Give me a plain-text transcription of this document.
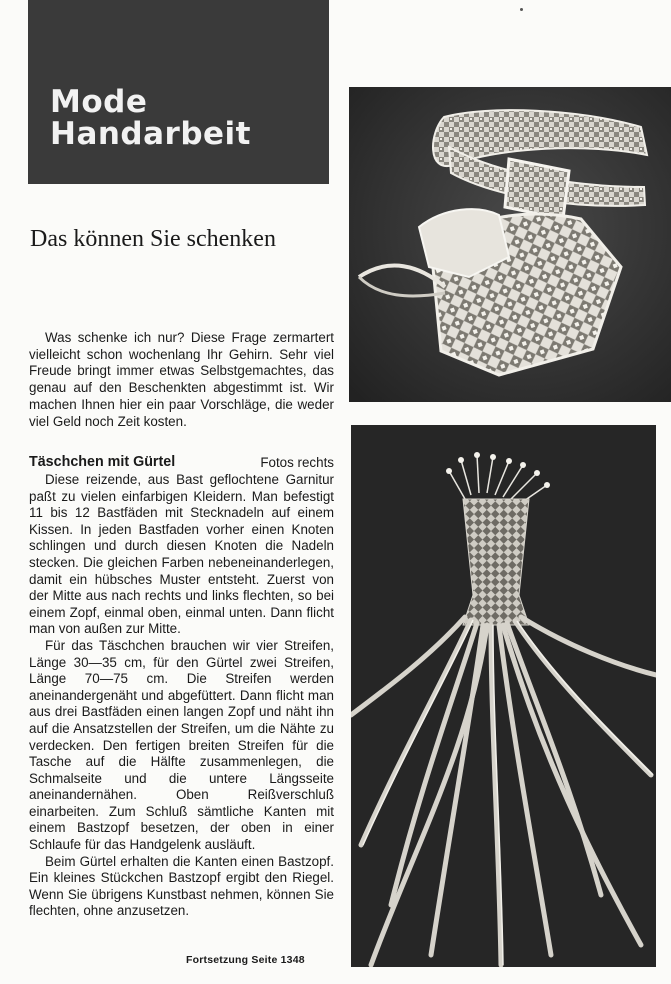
Mode
Handarbeit
Das können Sie schenken

Was schenke ich nur? Diese Frage zermartert vielleicht schon wochenlang Ihr Gehirn. Sehr viel Freude bringt immer etwas Selbstgemachtes, das genau auf den Beschenkten abgestimmt ist. Wir machen Ihnen hier ein paar Vorschläge, die weder viel Geld noch Zeit kosten.

Täschchen mit Gürtel	Fotos rechts

Diese reizende, aus Bast geflochtene Garnitur paßt zu vielen einfarbigen Kleidern. Man befestigt 11 bis 12 Bastfäden mit Stecknadeln auf einem Kissen. In jeden Bastfaden vorher einen Knoten schlingen und durch diesen Knoten die Nadeln stecken. Die gleichen Farben nebeneinanderlegen, damit ein hübsches Muster entsteht. Zuerst von der Mitte aus nach rechts und links flechten, so bei einem Zopf, einmal oben, einmal unten. Dann flicht man von außen zur Mitte.

Für das Täschchen brauchen wir vier Streifen, Länge 30—35 cm, für den Gürtel zwei Streifen, Länge 70—75 cm. Die Streifen werden aneinandergenäht und abgefüttert. Dann flicht man aus drei Bastfäden einen langen Zopf und näht ihn auf die Ansatzstellen der Streifen, um die Nähte zu verdecken. Den fertigen breiten Streifen für die Tasche auf die Hälfte zusammenlegen, die Schmalseite und die untere Längsseite aneinandernähen. Oben Reißverschluß einarbeiten. Zum Schluß sämtliche Kanten mit einem Bastzopf besetzen, der oben in einer Schlaufe für das Handgelenk ausläuft.

Beim Gürtel erhalten die Kanten einen Bastzopf. Ein kleines Stückchen Bastzopf ergibt den Riegel. Wenn Sie übrigens Kunstbast nehmen, können Sie flechten, ohne anzusetzen.

Fortsetzung Seite 1348
